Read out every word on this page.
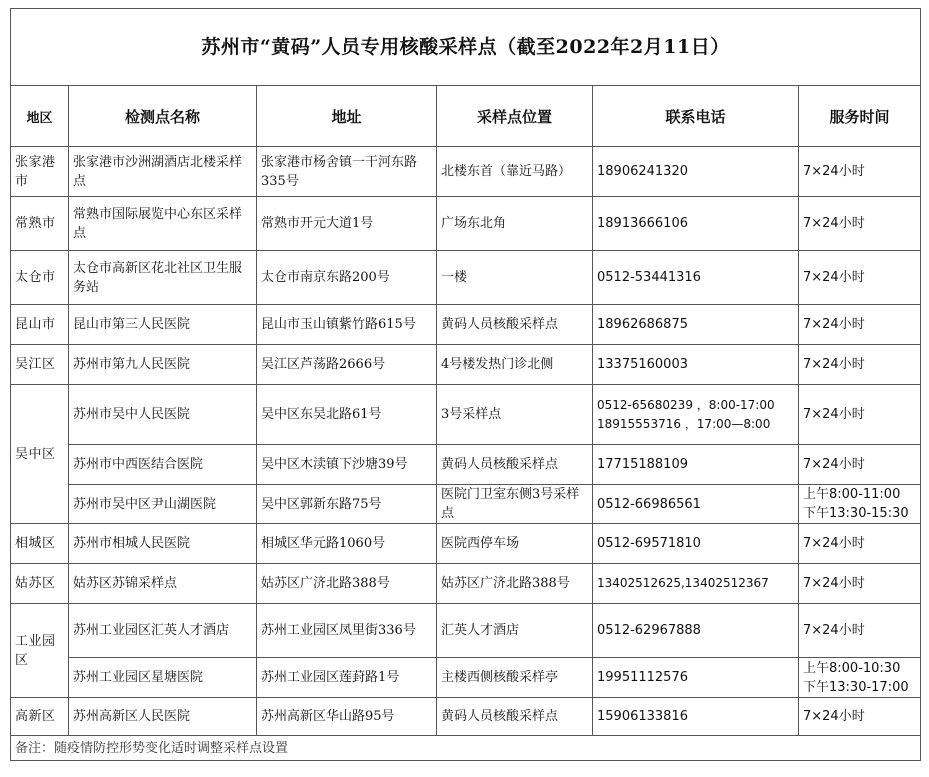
苏州市“黄码”人员专用核酸采样点（截至2022年2月11日）					
地区	检测点名称	地址	采样点位置	联系电话	服务时间
张家港市	张家港市沙洲湖酒店北楼采样点	张家港市杨舍镇一干河东路335号	北楼东首（靠近马路）	18906241320	7×24小时
常熟市	常熟市国际展览中心东区采样点	常熟市开元大道1号	广场东北角	18913666106	7×24小时
太仓市	太仓市高新区花北社区卫生服务站	太仓市南京东路200号	一楼	0512-53441316	7×24小时
昆山市	昆山市第三人民医院	昆山市玉山镇紫竹路615号	黄码人员核酸采样点	18962686875	7×24小时
吴江区	苏州市第九人民医院	吴江区芦荡路2666号	4号楼发热门诊北侧	13375160003	7×24小时
吴中区	苏州市吴中人民医院	吴中区东吴北路61号	3号采样点	0512-65680239 ，8:00-17:00
18915553716 ，17:00—8:00	7×24小时
	苏州市中西医结合医院	吴中区木渎镇下沙塘39号	黄码人员核酸采样点	17715188109	7×24小时
	苏州市吴中区尹山湖医院	吴中区郭新东路75号	医院门卫室东侧3号采样点	0512-66986561	上午8:00-11:00
下午13:30-15:30
相城区	苏州市相城人民医院	相城区华元路1060号	医院西停车场	0512-69571810	7×24小时
姑苏区	姑苏区苏锦采样点	姑苏区广济北路388号	姑苏区广济北路388号	13402512625,13402512367	7×24小时
工业园区	苏州工业园区汇英人才酒店	苏州工业园区凤里街336号	汇英人才酒店	0512-62967888	7×24小时
	苏州工业园区星塘医院	苏州工业园区莲葑路1号	主楼西侧核酸采样亭	19951112576	上午8:00-10:30
下午13:30-17:00
高新区	苏州高新区人民医院	苏州高新区华山路95号	黄码人员核酸采样点	15906133816	7×24小时
备注：随疫情防控形势变化适时调整采样点设置					
